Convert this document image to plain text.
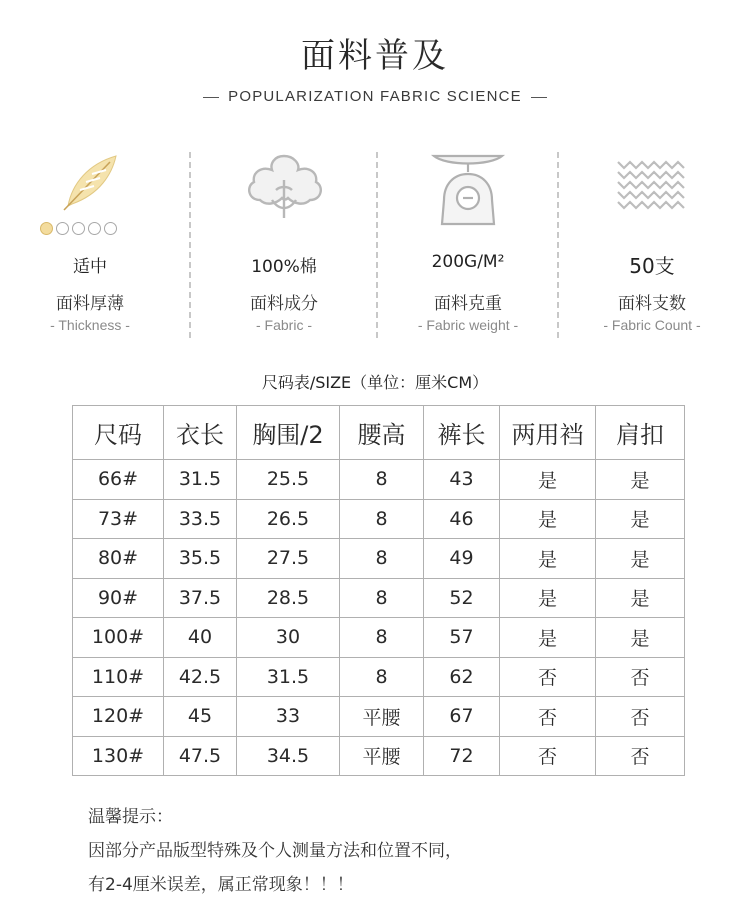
面料普及
POPULARIZATION FABRIC SCIENCE
适中
面料厚薄
- Thickness -
100%棉
面料成分
- Fabric -
200G/M²
面料克重
- Fabric weight -
50支
面料支数
- Fabric Count -
尺码表/SIZE（单位：厘米CM）
尺码	衣长	胸围/2	腰高	裤长	两用裆	肩扣
66#	31.5	25.5	8	43	是	是
73#	33.5	26.5	8	46	是	是
80#	35.5	27.5	8	49	是	是
90#	37.5	28.5	8	52	是	是
100#	40	30	8	57	是	是
110#	42.5	31.5	8	62	否	否
120#	45	33	平腰	67	否	否
130#	47.5	34.5	平腰	72	否	否
温馨提示：
因部分产品版型特殊及个人测量方法和位置不同，
有2-4厘米误差，属正常现象！！！
